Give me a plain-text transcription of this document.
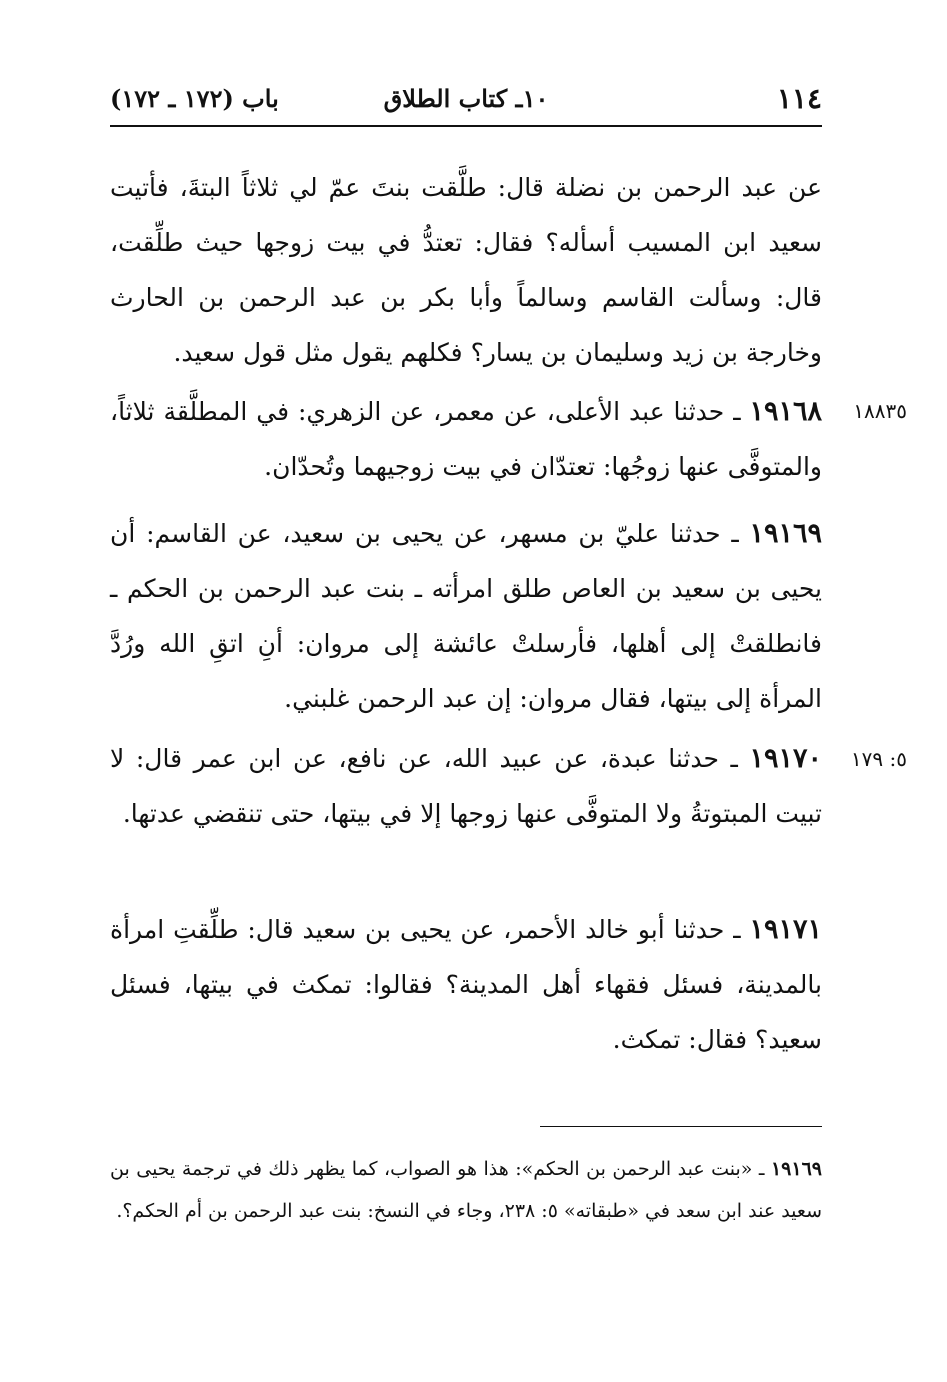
١١٤
١٠ـ كتاب الطلاق
باب (١٧٢ ـ ١٧٢)
عن عبد الرحمن بن نضلة قال: طلَّقت بنتَ عمّ لي ثلاثاً البتةَ، فأتيت سعيد ابن المسيب أسأله؟ فقال: تعتدُّ في بيت زوجها حيث طلِّقت، قال: وسألت القاسم وسالماً وأبا بكر بن عبد الرحمن بن الحارث وخارجة بن زيد وسليمان بن يسار؟ فكلهم يقول مثل قول سعيد.
١٨٨٣٥
١٩١٦٨ ـ حدثنا عبد الأعلى، عن معمر، عن الزهري: في المطلَّقة ثلاثاً، والمتوفَّى عنها زوجُها: تعتدّان في بيت زوجيهما وتُحدّان.
١٩١٦٩ ـ حدثنا عليّ بن مسهر، عن يحيى بن سعيد، عن القاسم: أن يحيى بن سعيد بن العاص طلق امرأته ـ بنت عبد الرحمن بن الحكم ـ فانطلقتْ إلى أهلها، فأرسلتْ عائشة إلى مروان: أنِ اتقِ الله ورُدَّ المرأة إلى بيتها، فقال مروان: إن عبد الرحمن غلبني.
٥: ١٧٩
١٩١٧٠ ـ حدثنا عبدة، عن عبيد الله، عن نافع، عن ابن عمر قال: لا تبيت المبتوتةُ ولا المتوفَّى عنها زوجها إلا في بيتها، حتى تنقضي عدتها.
١٩١٧١ ـ حدثنا أبو خالد الأحمر، عن يحيى بن سعيد قال: طلِّقتِ امرأة بالمدينة، فسئل فقهاء أهل المدينة؟ فقالوا: تمكث في بيتها، فسئل سعيد؟ فقال: تمكث.
١٩١٦٩ ـ «بنت عبد الرحمن بن الحكم»: هذا هو الصواب، كما يظهر ذلك في ترجمة يحيى بن سعيد عند ابن سعد في «طبقاته» ٥: ٢٣٨، وجاء في النسخ: بنت عبد الرحمن بن أم الحكم؟.
